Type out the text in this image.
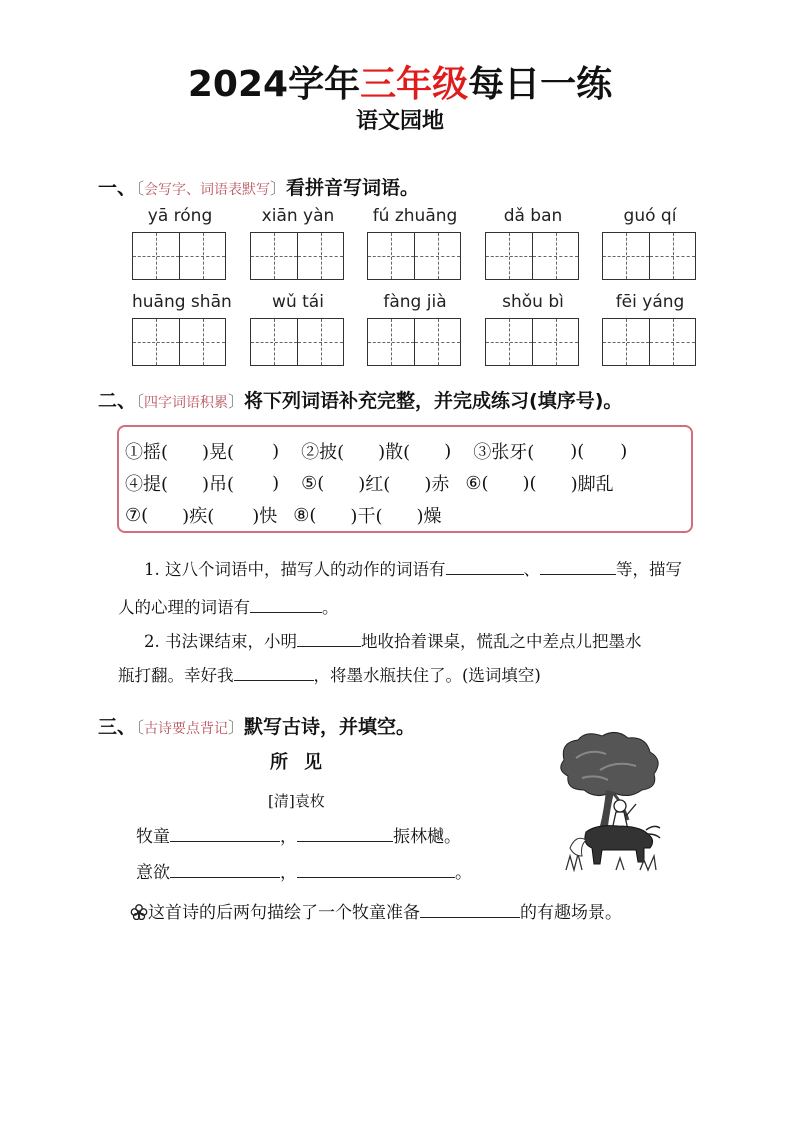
2024学年三年级每日一练
语文园地
一、〔会写字、词语表默写〕看拼音写词语。
yā róng	xiān yàn	fú zhuāng	dǎ ban	guó qí
huāng shān	wǔ tái	fàng jià	shǒu bì	fēi yáng
二、〔四字词语积累〕将下列词语补充完整，并完成练习(填序号)。
①摇( )晃( ) ②披( )散( ) ③张牙( )( )
④提( )吊( ) ⑤( )红( )赤 ⑥( )( )脚乱
⑦( )疾( )快 ⑧( )干( )燥
1. 这八个词语中，描写人的动作的词语有	、	等，描写
人的心理的词语有	。
2. 书法课结束，小明	地收拾着课桌，慌乱之中差点儿把墨水
瓶打翻。幸好我	，将墨水瓶扶住了。(选词填空)
三、〔古诗要点背记〕默写古诗，并填空。
所见
[清]袁枚
牧童	，	振林樾。
意欲	，	。
这首诗的后两句描绘了一个牧童准备	的有趣场景。
